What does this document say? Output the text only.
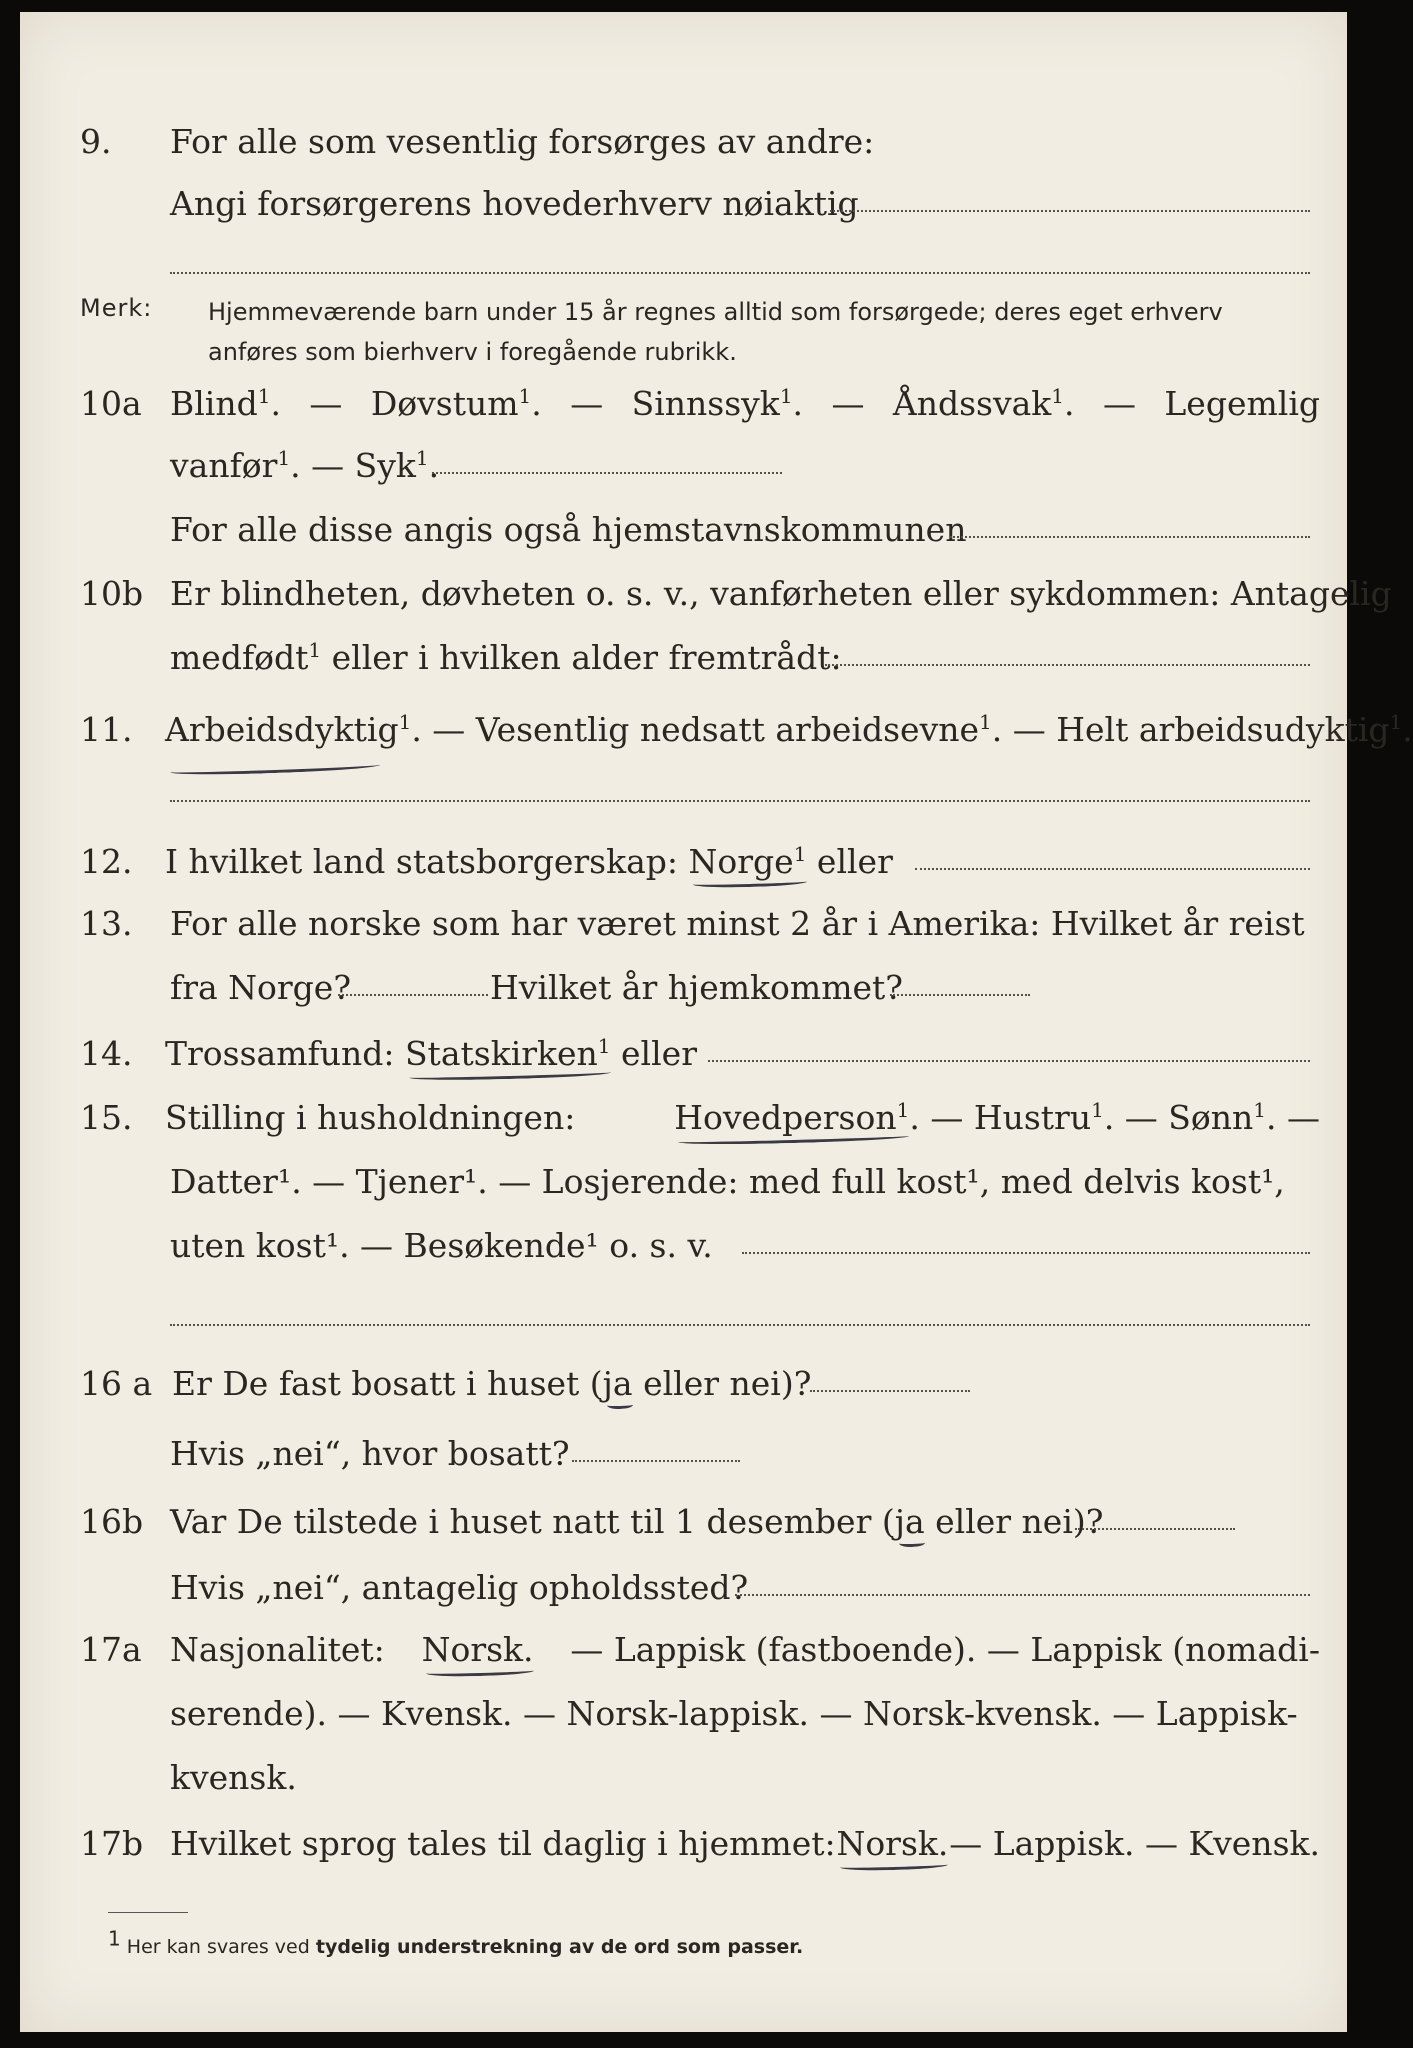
9. For alle som vesentlig forsørges av andre:
Angi forsørgerens hovederhverv nøiaktig
Merk: Hjemmeværende barn under 15 år regnes alltid som forsørgede; deres eget erhverv
anføres som bierhverv i foregående rubrikk.
10a Blind$^1$. — Døvstum$^1$. — Sinnssyk$^1$. — Åndssvak$^1$. — Legemlig
vanfør$^1$. — Syk$^1$.
For alle disse angis også hjemstavnskommunen
10b Er blindheten, døvheten o. s. v., vanførheten eller sykdommen: Antagelig
medfødt$^1$ eller i hvilken alder fremtrådt:
11. Arbeidsdyktig$^1$. — Vesentlig nedsatt arbeidsevne$^1$. — Helt arbeidsudyktig$^1$.
12. I hvilket land statsborgerskap: Norge$^1$ eller
13. For alle norske som har været minst 2 år i Amerika: Hvilket år reist
fra Norge?	Hvilket år hjemkommet?
14. Trossamfund: Statskirken$^1$ eller
15. Stilling i husholdningen:	Hovedperson$^1$. — Hustru$^1$. — Sønn$^1$. —
Datter¹. — Tjener¹. — Losjerende: med full kost¹, med delvis kost¹,
uten kost¹. — Besøkende¹ o. s. v.
16 a Er De fast bosatt i huset (ja eller nei)?
Hvis „nei“, hvor bosatt?
16b Var De tilstede i huset natt til 1 desember (ja eller nei)?
Hvis „nei“, antagelig opholdssted?
17a Nasjonalitet: Norsk. — Lappisk (fastboende). — Lappisk (nomadi-
serende). — Kvensk. — Norsk-lappisk. — Norsk-kvensk. — Lappisk-
kvensk.
17b Hvilket sprog tales til daglig i hjemmet: Norsk. — Lappisk. — Kvensk.
1 Her kan svares ved tydelig understrekning av de ord som passer.
